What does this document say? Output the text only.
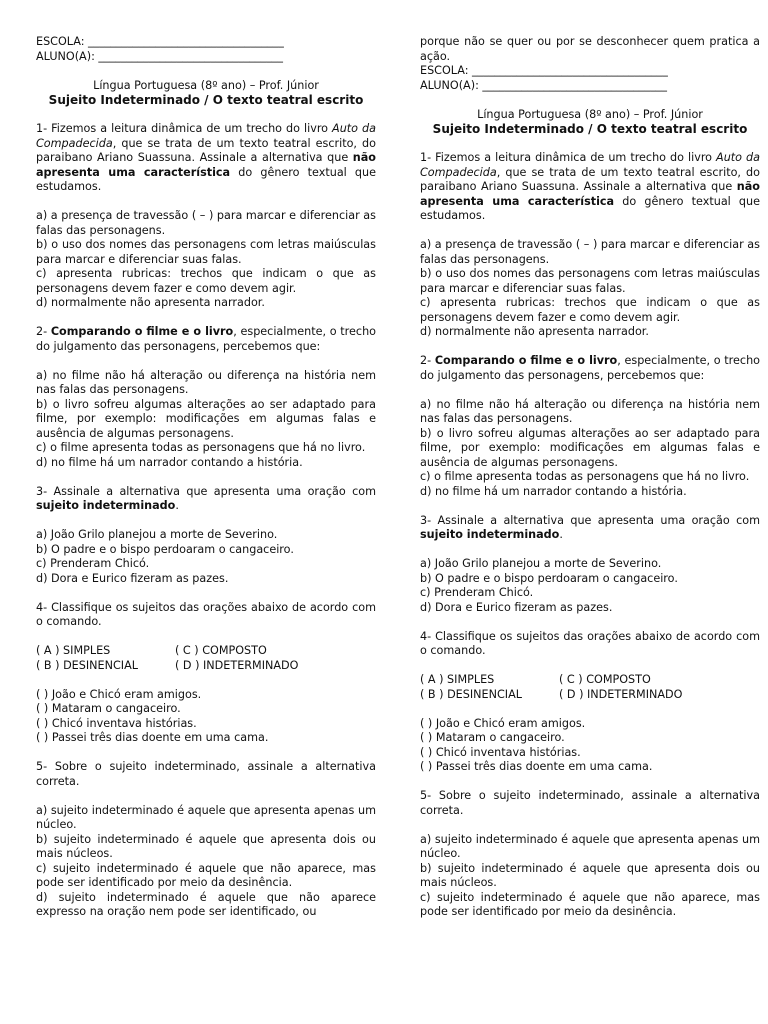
ESCOLA: ___________________________________
ALUNO(A): _________________________________

Língua Portuguesa (8º ano) – Prof. Júnior

Sujeito Indeterminado / O texto teatral escrito

1- Fizemos a leitura dinâmica de um trecho do livro Auto da Compadecida, que se trata de um texto teatral escrito, do paraibano Ariano Suassuna. Assinale a alternativa que não apresenta uma característica do gênero textual que estudamos.

a) a presença de travessão ( – ) para marcar e diferenciar as falas das personagens.

b) o uso dos nomes das personagens com letras maiúsculas para marcar e diferenciar suas falas.

c) apresenta rubricas: trechos que indicam o que as personagens devem fazer e como devem agir.

d) normalmente não apresenta narrador.

2- Comparando o filme e o livro, especialmente, o trecho do julgamento das personagens, percebemos que:

a) no filme não há alteração ou diferença na história nem nas falas das personagens.

b) o livro sofreu algumas alterações ao ser adaptado para filme, por exemplo: modificações em algumas falas e ausência de algumas personagens.

c) o filme apresenta todas as personagens que há no livro.

d) no filme há um narrador contando a história.

3- Assinale a alternativa que apresenta uma oração com sujeito indeterminado.

a) João Grilo planejou a morte de Severino.

b) O padre e o bispo perdoaram o cangaceiro.

c) Prenderam Chicó.

d) Dora e Eurico fizeram as pazes.

4- Classifique os sujeitos das orações abaixo de acordo com o comando.

( A ) SIMPLES	( C ) COMPOSTO
( B ) DESINENCIAL	( D ) INDETERMINADO

( ) João e Chicó eram amigos.

( ) Mataram o cangaceiro.

( ) Chicó inventava histórias.

( ) Passei três dias doente em uma cama.

5- Sobre o sujeito indeterminado, assinale a alternativa correta.

a) sujeito indeterminado é aquele que apresenta apenas um núcleo.

b) sujeito indeterminado é aquele que apresenta dois ou mais núcleos.

c) sujeito indeterminado é aquele que não aparece, mas pode ser identificado por meio da desinência.

d) sujeito indeterminado é aquele que não aparece expresso na oração nem pode ser identificado, ou

porque não se quer ou por se desconhecer quem pratica a ação.

ESCOLA: ___________________________________
ALUNO(A): _________________________________

Língua Portuguesa (8º ano) – Prof. Júnior

Sujeito Indeterminado / O texto teatral escrito

1- Fizemos a leitura dinâmica de um trecho do livro Auto da Compadecida, que se trata de um texto teatral escrito, do paraibano Ariano Suassuna. Assinale a alternativa que não apresenta uma característica do gênero textual que estudamos.

a) a presença de travessão ( – ) para marcar e diferenciar as falas das personagens.

b) o uso dos nomes das personagens com letras maiúsculas para marcar e diferenciar suas falas.

c) apresenta rubricas: trechos que indicam o que as personagens devem fazer e como devem agir.

d) normalmente não apresenta narrador.

2- Comparando o filme e o livro, especialmente, o trecho do julgamento das personagens, percebemos que:

a) no filme não há alteração ou diferença na história nem nas falas das personagens.

b) o livro sofreu algumas alterações ao ser adaptado para filme, por exemplo: modificações em algumas falas e ausência de algumas personagens.

c) o filme apresenta todas as personagens que há no livro.

d) no filme há um narrador contando a história.

3- Assinale a alternativa que apresenta uma oração com sujeito indeterminado.

a) João Grilo planejou a morte de Severino.

b) O padre e o bispo perdoaram o cangaceiro.

c) Prenderam Chicó.

d) Dora e Eurico fizeram as pazes.

4- Classifique os sujeitos das orações abaixo de acordo com o comando.

( A ) SIMPLES	( C ) COMPOSTO
( B ) DESINENCIAL	( D ) INDETERMINADO

( ) João e Chicó eram amigos.

( ) Mataram o cangaceiro.

( ) Chicó inventava histórias.

( ) Passei três dias doente em uma cama.

5- Sobre o sujeito indeterminado, assinale a alternativa correta.

a) sujeito indeterminado é aquele que apresenta apenas um núcleo.

b) sujeito indeterminado é aquele que apresenta dois ou mais núcleos.

c) sujeito indeterminado é aquele que não aparece, mas pode ser identificado por meio da desinência.
